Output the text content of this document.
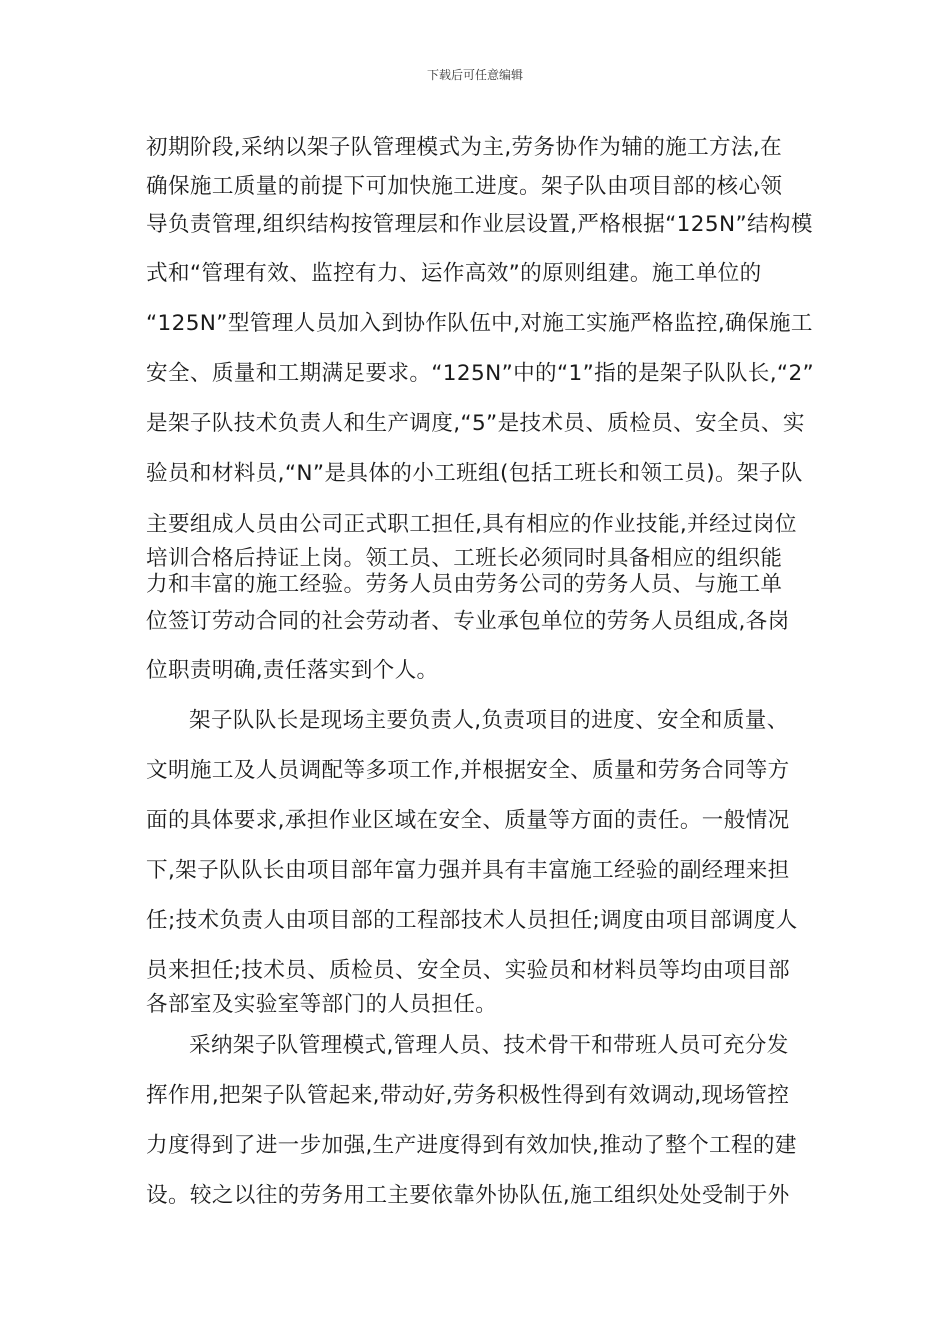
下载后可任意编辑
初期阶段,采纳以架子队管理模式为主,劳务协作为辅的施工方法,在
确保施工质量的前提下可加快施工进度。架子队由项目部的核心领
导负责管理,组织结构按管理层和作业层设置,严格根据“125N”结构模
式和“管理有效、监控有力、运作高效”的原则组建。施工单位的
“125N”型管理人员加入到协作队伍中,对施工实施严格监控,确保施工
安全、质量和工期满足要求。“125N”中的“1”指的是架子队队长,“2”
是架子队技术负责人和生产调度,“5”是技术员、质检员、安全员、实
验员和材料员,“N”是具体的小工班组(包括工班长和领工员)。架子队
主要组成人员由公司正式职工担任,具有相应的作业技能,并经过岗位
培训合格后持证上岗。领工员、工班长必须同时具备相应的组织能
力和丰富的施工经验。劳务人员由劳务公司的劳务人员、与施工单
位签订劳动合同的社会劳动者、专业承包单位的劳务人员组成,各岗
位职责明确,责任落实到个人。
架子队队长是现场主要负责人,负责项目的进度、安全和质量、
文明施工及人员调配等多项工作,并根据安全、质量和劳务合同等方
面的具体要求,承担作业区域在安全、质量等方面的责任。一般情况
下,架子队队长由项目部年富力强并具有丰富施工经验的副经理来担
任;技术负责人由项目部的工程部技术人员担任;调度由项目部调度人
员来担任;技术员、质检员、安全员、实验员和材料员等均由项目部
各部室及实验室等部门的人员担任。
采纳架子队管理模式,管理人员、技术骨干和带班人员可充分发
挥作用,把架子队管起来,带动好,劳务积极性得到有效调动,现场管控
力度得到了进一步加强,生产进度得到有效加快,推动了整个工程的建
设。较之以往的劳务用工主要依靠外协队伍,施工组织处处受制于外
